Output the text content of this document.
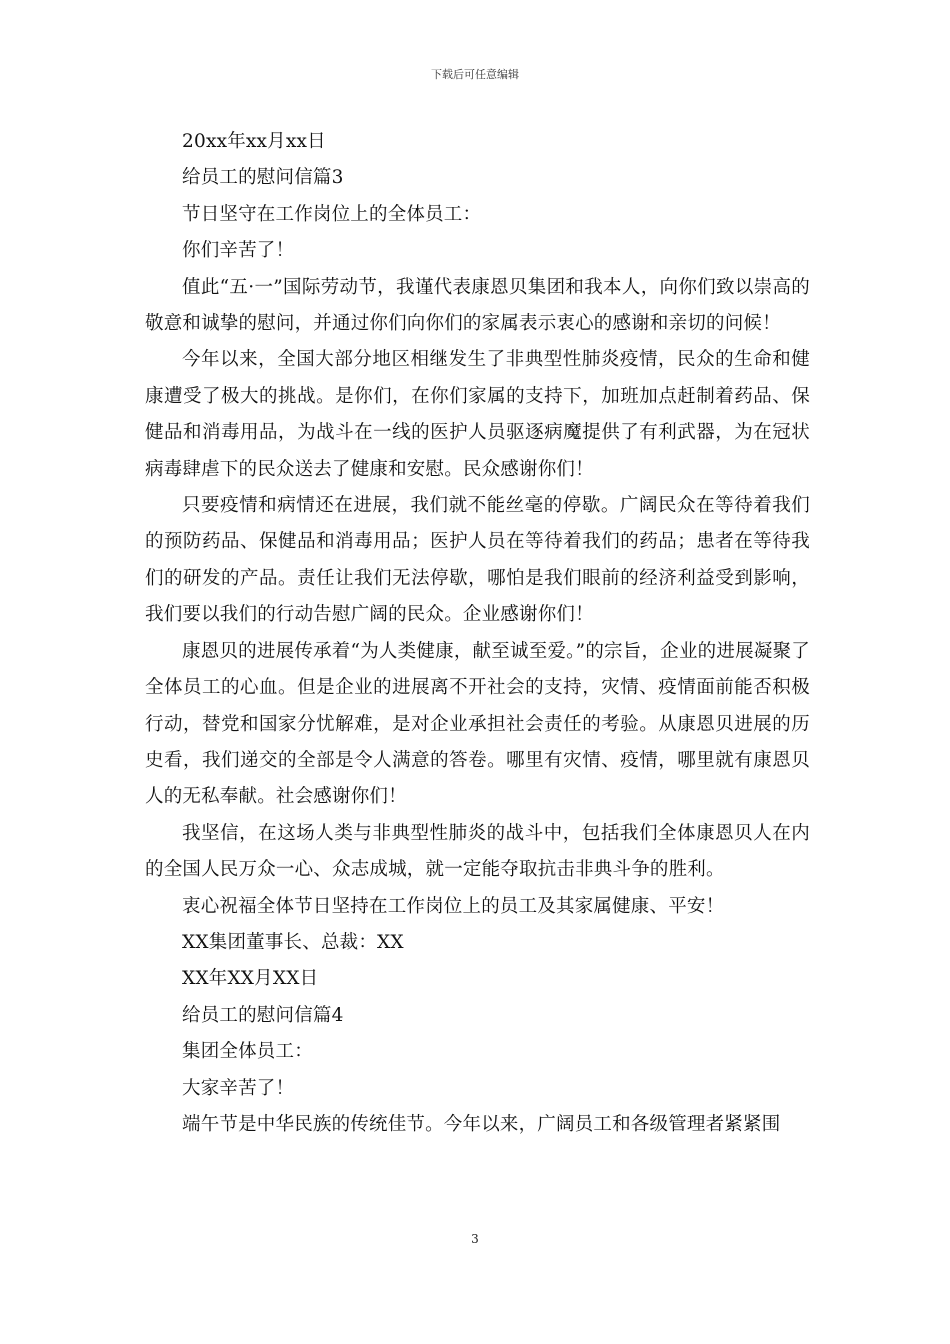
下载后可任意编辑

20xx年xx月xx日

给员工的慰问信篇3

节日坚守在工作岗位上的全体员工：

你们辛苦了！

值此“五·一”国际劳动节，我谨代表康恩贝集团和我本人，向你们致以崇高的敬意和诚挚的慰问，并通过你们向你们的家属表示衷心的感谢和亲切的问候！

今年以来，全国大部分地区相继发生了非典型性肺炎疫情，民众的生命和健康遭受了极大的挑战。是你们，在你们家属的支持下，加班加点赶制着药品、保健品和消毒用品，为战斗在一线的医护人员驱逐病魔提供了有利武器，为在冠状病毒肆虐下的民众送去了健康和安慰。民众感谢你们！

只要疫情和病情还在进展，我们就不能丝毫的停歇。广阔民众在等待着我们的预防药品、保健品和消毒用品；医护人员在等待着我们的药品；患者在等待我们的研发的产品。责任让我们无法停歇，哪怕是我们眼前的经济利益受到影响，我们要以我们的行动告慰广阔的民众。企业感谢你们！

康恩贝的进展传承着“为人类健康，献至诚至爱。”的宗旨，企业的进展凝聚了全体员工的心血。但是企业的进展离不开社会的支持，灾情、疫情面前能否积极行动，替党和国家分忧解难，是对企业承担社会责任的考验。从康恩贝进展的历史看，我们递交的全部是令人满意的答卷。哪里有灾情、疫情，哪里就有康恩贝人的无私奉献。社会感谢你们！

我坚信，在这场人类与非典型性肺炎的战斗中，包括我们全体康恩贝人在内的全国人民万众一心、众志成城，就一定能夺取抗击非典斗争的胜利。

衷心祝福全体节日坚持在工作岗位上的员工及其家属健康、平安！

XX集团董事长、总裁：XX

XX年XX月XX日

给员工的慰问信篇4

集团全体员工：

大家辛苦了！

端午节是中华民族的传统佳节。今年以来，广阔员工和各级管理者紧紧围

3
